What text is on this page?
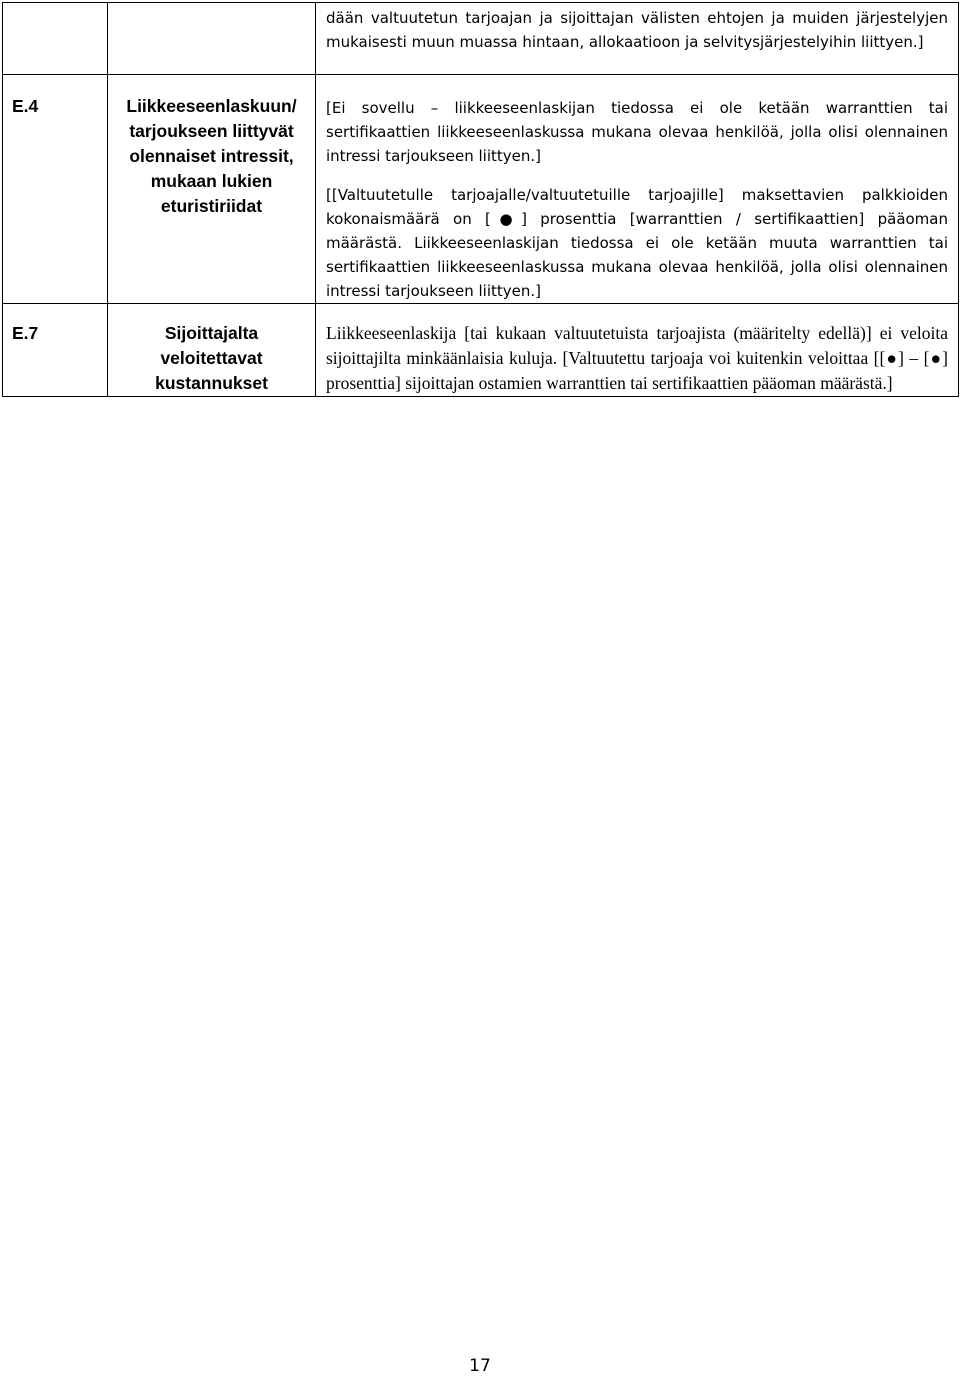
		dään valtuutetun tarjoajan ja sijoittajan välisten ehtojen ja muiden järjestelyjen mukaisesti muun muassa hintaan, allokaatioon ja selvitysjärjestelyihin liittyen.]

E.4	Liikkeeseenlaskuun/ tarjoukseen liittyvät olennaiset intressit, mukaan lukien eturistiriidat	[Ei sovellu – liikkeeseenlaskijan tiedossa ei ole ketään warranttien tai sertifikaattien liikkeeseenlaskussa mukana olevaa henkilöä, jolla olisi olennainen intressi tarjoukseen liittyen.]

[[Valtuutetulle tarjoajalle/valtuutetuille tarjoajille] maksettavien palkkioiden kokonaismäärä on [●] prosenttia [warranttien / sertifikaattien] pääoman määrästä. Liikkeeseenlaskijan tiedossa ei ole ketään muuta warranttien tai sertifikaattien liikkeeseenlaskussa mukana olevaa henkilöä, jolla olisi olennainen intressi tarjoukseen liittyen.]

E.7	Sijoittajalta veloitettavat kustannukset	Liikkeeseenlaskija [tai kukaan valtuutetuista tarjoajista (määritelty edellä)] ei veloita sijoittajilta minkäänlaisia kuluja. [Valtuutettu tarjoaja voi kuitenkin veloittaa [[●] – [●] prosenttia] sijoittajan ostamien warranttien tai sertifikaattien pääoman määrästä.]

17
